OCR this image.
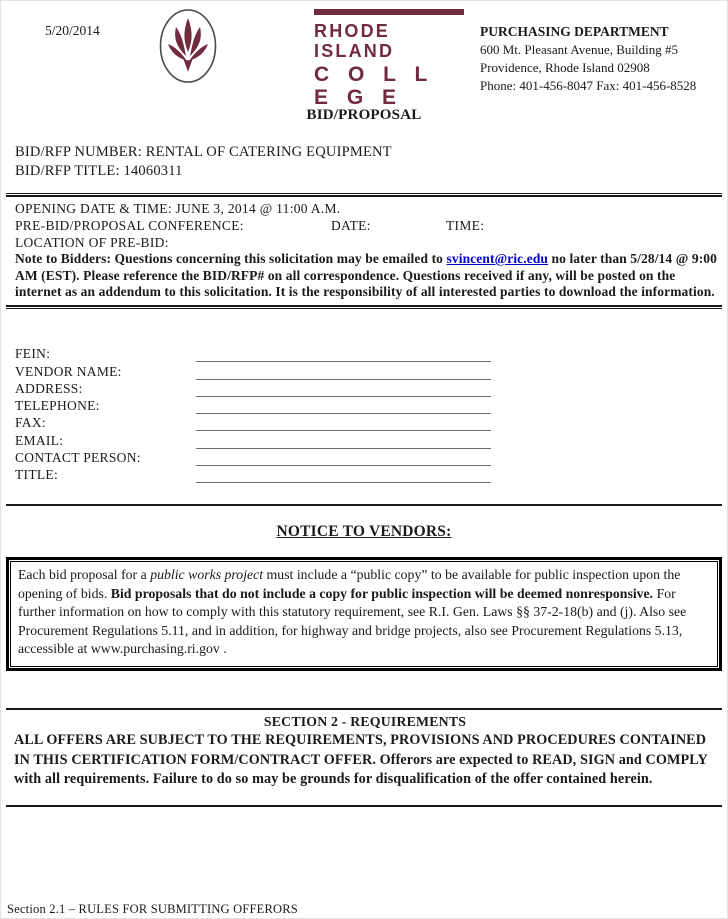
5/20/2014	RHODE ISLAND
C O L L E G E
PURCHASING DEPARTMENT
600 Mt. Pleasant Avenue, Building #5
Providence, Rhode Island 02908
Phone: 401-456-8047 Fax: 401-456-8528
BID/PROPOSAL
BID/RFP NUMBER: RENTAL OF CATERING EQUIPMENT
BID/RFP TITLE: 14060311
OPENING DATE & TIME: JUNE 3, 2014 @ 11:00 A.M.
PRE-BID/PROPOSAL CONFERENCE:	DATE:	TIME:
LOCATION OF PRE-BID:
Note to Bidders: Questions concerning this solicitation may be emailed to svincent@ric.edu no later than 5/28/14 @ 9:00 AM (EST). Please reference the BID/RFP# on all correspondence. Questions received if any, will be posted on the internet as an addendum to this solicitation. It is the responsibility of all interested parties to download the information.
FEIN:
VENDOR NAME:
ADDRESS:
TELEPHONE:
FAX:
EMAIL:
CONTACT PERSON:
TITLE:
NOTICE TO VENDORS:
Each bid proposal for a public works project must include a “public copy” to be available for public inspection upon the opening of bids. Bid proposals that do not include a copy for public inspection will be deemed nonresponsive. For further information on how to comply with this statutory requirement, see R.I. Gen. Laws §§ 37-2-18(b) and (j). Also see Procurement Regulations 5.11, and in addition, for highway and bridge projects, also see Procurement Regulations 5.13, accessible at www.purchasing.ri.gov .
SECTION 2 - REQUIREMENTS
ALL OFFERS ARE SUBJECT TO THE REQUIREMENTS, PROVISIONS AND PROCEDURES CONTAINED IN THIS CERTIFICATION FORM/CONTRACT OFFER. Offerors are expected to READ, SIGN and COMPLY with all requirements. Failure to do so may be grounds for disqualification of the offer contained herein.
Section 2.1 – RULES FOR SUBMITTING OFFERORS
